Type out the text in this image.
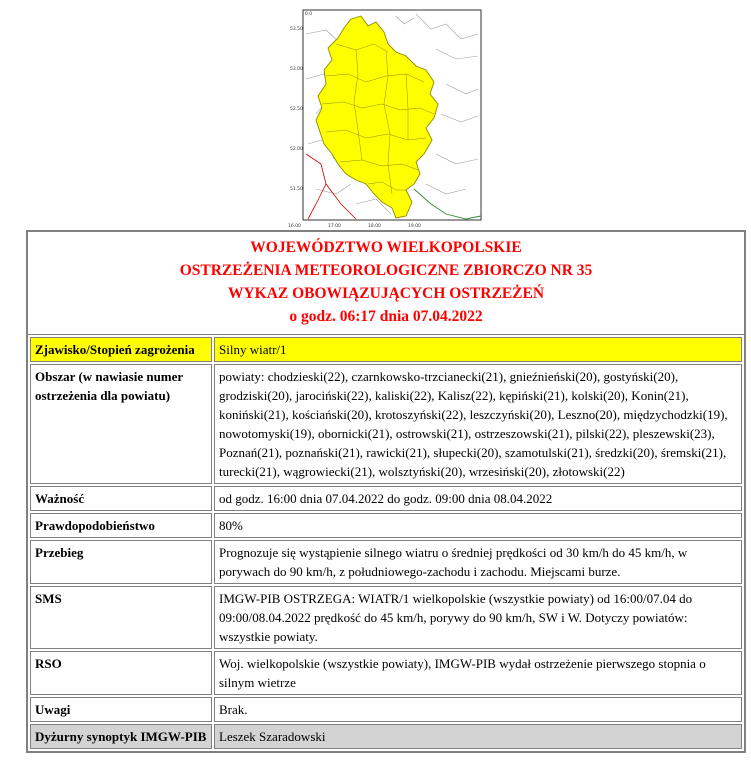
0.0
53.50
53.00
52.50
52.00
51.50
16.00	17.00	18.00	19.00
WOJEWÓDZTWO WIELKOPOLSKIE
OSTRZEŻENIA METEOROLOGICZNE ZBIORCZO NR 35
WYKAZ OBOWIĄZUJĄCYCH OSTRZEŻEŃ
o godz. 06:17 dnia 07.04.2022
Zjawisko/Stopień zagrożenia	Silny wiatr/1
Obszar (w nawiasie numer ostrzeżenia dla powiatu)	powiaty: chodzieski(22), czarnkowsko-trzcianecki(21), gnieźnieński(20), gostyński(20), grodziski(20), jarociński(22), kaliski(22), Kalisz(22), kępiński(21), kolski(20), Konin(21), koniński(21), kościański(20), krotoszyński(22), leszczyński(20), Leszno(20), międzychodzki(19), nowotomyski(19), obornicki(21), ostrowski(21), ostrzeszowski(21), pilski(22), pleszewski(23), Poznań(21), poznański(21), rawicki(21), słupecki(20), szamotulski(21), średzki(20), śremski(21), turecki(21), wągrowiecki(21), wolsztyński(20), wrzesiński(20), złotowski(22)
Ważność	od godz. 16:00 dnia 07.04.2022 do godz. 09:00 dnia 08.04.2022
Prawdopodobieństwo	80%
Przebieg	Prognozuje się wystąpienie silnego wiatru o średniej prędkości od 30 km/h do 45 km/h, w porywach do 90 km/h, z południowego-zachodu i zachodu. Miejscami burze.
SMS	IMGW-PIB OSTRZEGA: WIATR/1 wielkopolskie (wszystkie powiaty) od 16:00/07.04 do 09:00/08.04.2022 prędkość do 45 km/h, porywy do 90 km/h, SW i W. Dotyczy powiatów: wszystkie powiaty.
RSO	Woj. wielkopolskie (wszystkie powiaty), IMGW-PIB wydał ostrzeżenie pierwszego stopnia o silnym wietrze
Uwagi	Brak.
Dyżurny synoptyk IMGW-PIB	Leszek Szaradowski
